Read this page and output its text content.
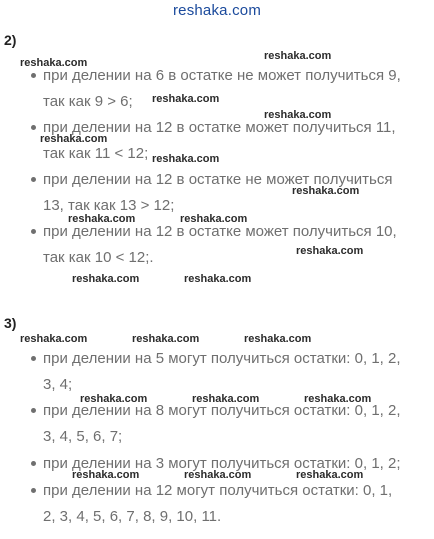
reshaka.com
2)
при делении на 6 в остатке не может получиться 9,
так как 9 > 6;
при делении на 12 в остатке может получиться 11,
так как 11 < 12;
при делении на 12 в остатке не может получиться
13, так как 13 > 12;
при делении на 12 в остатке может получиться 10,
так как 10 < 12;.
3)
при делении на 5 могут получиться остатки: 0, 1, 2,
3, 4;
при делении на 8 могут получиться остатки: 0, 1, 2,
3, 4, 5, 6, 7;
при делении на 3 могут получиться остатки: 0, 1, 2;
при делении на 12 могут получиться остатки: 0, 1,
2, 3, 4, 5, 6, 7, 8, 9, 10, 11.
reshaka.com
reshaka.com
reshaka.com
reshaka.com
reshaka.com
reshaka.com
reshaka.com
reshaka.com	reshaka.com
reshaka.com
reshaka.com	reshaka.com
reshaka.com	reshaka.com	reshaka.com
reshaka.com	reshaka.com	reshaka.com
reshaka.com	reshaka.com	reshaka.com
